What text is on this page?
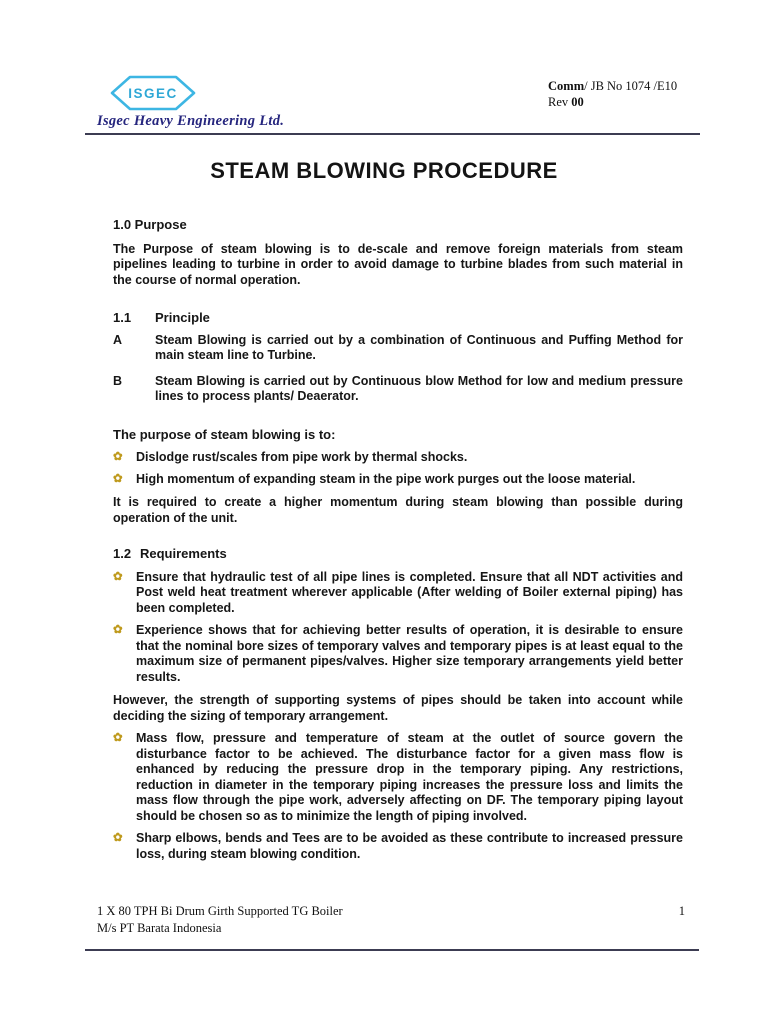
ISGEC
Isgec Heavy Engineering Ltd.
Comm/ JB No 1074 /E10
Rev 00
STEAM BLOWING PROCEDURE
1.0 Purpose

The Purpose of steam blowing is to de-scale and remove foreign materials from steam pipelines leading to turbine in order to avoid damage to turbine blades from such material in the course of normal operation.

1.1	Principle
A	Steam Blowing is carried out by a combination of Continuous and Puffing Method for main steam line to Turbine.
B	Steam Blowing is carried out by Continuous blow Method for low and medium pressure lines to process plants/ Deaerator.
The purpose of steam blowing is to:
✿	Dislodge rust/scales from pipe work by thermal shocks.
✿	High momentum of expanding steam in the pipe work purges out the loose material.

It is required to create a higher momentum during steam blowing than possible during operation of the unit.

1.2 Requirements
✿	Ensure that hydraulic test of all pipe lines is completed. Ensure that all NDT activities and Post weld heat treatment wherever applicable (After welding of Boiler external piping) has been completed.
✿	Experience shows that for achieving better results of operation, it is desirable to ensure that the nominal bore sizes of temporary valves and temporary pipes is at least equal to the maximum size of permanent pipes/valves. Higher size temporary arrangements yield better results.

However, the strength of supporting systems of pipes should be taken into account while deciding the sizing of temporary arrangement.

✿	Mass flow, pressure and temperature of steam at the outlet of source govern the disturbance factor to be achieved. The disturbance factor for a given mass flow is enhanced by reducing the pressure drop in the temporary piping. Any restrictions, reduction in diameter in the temporary piping increases the pressure loss and limits the mass flow through the pipe work, adversely affecting on DF. The temporary piping layout should be chosen so as to minimize the length of piping involved.
✿	Sharp elbows, bends and Tees are to be avoided as these contribute to increased pressure loss, during steam blowing condition.
1 X 80 TPH Bi Drum Girth Supported TG Boiler	1
M/s PT Barata Indonesia
